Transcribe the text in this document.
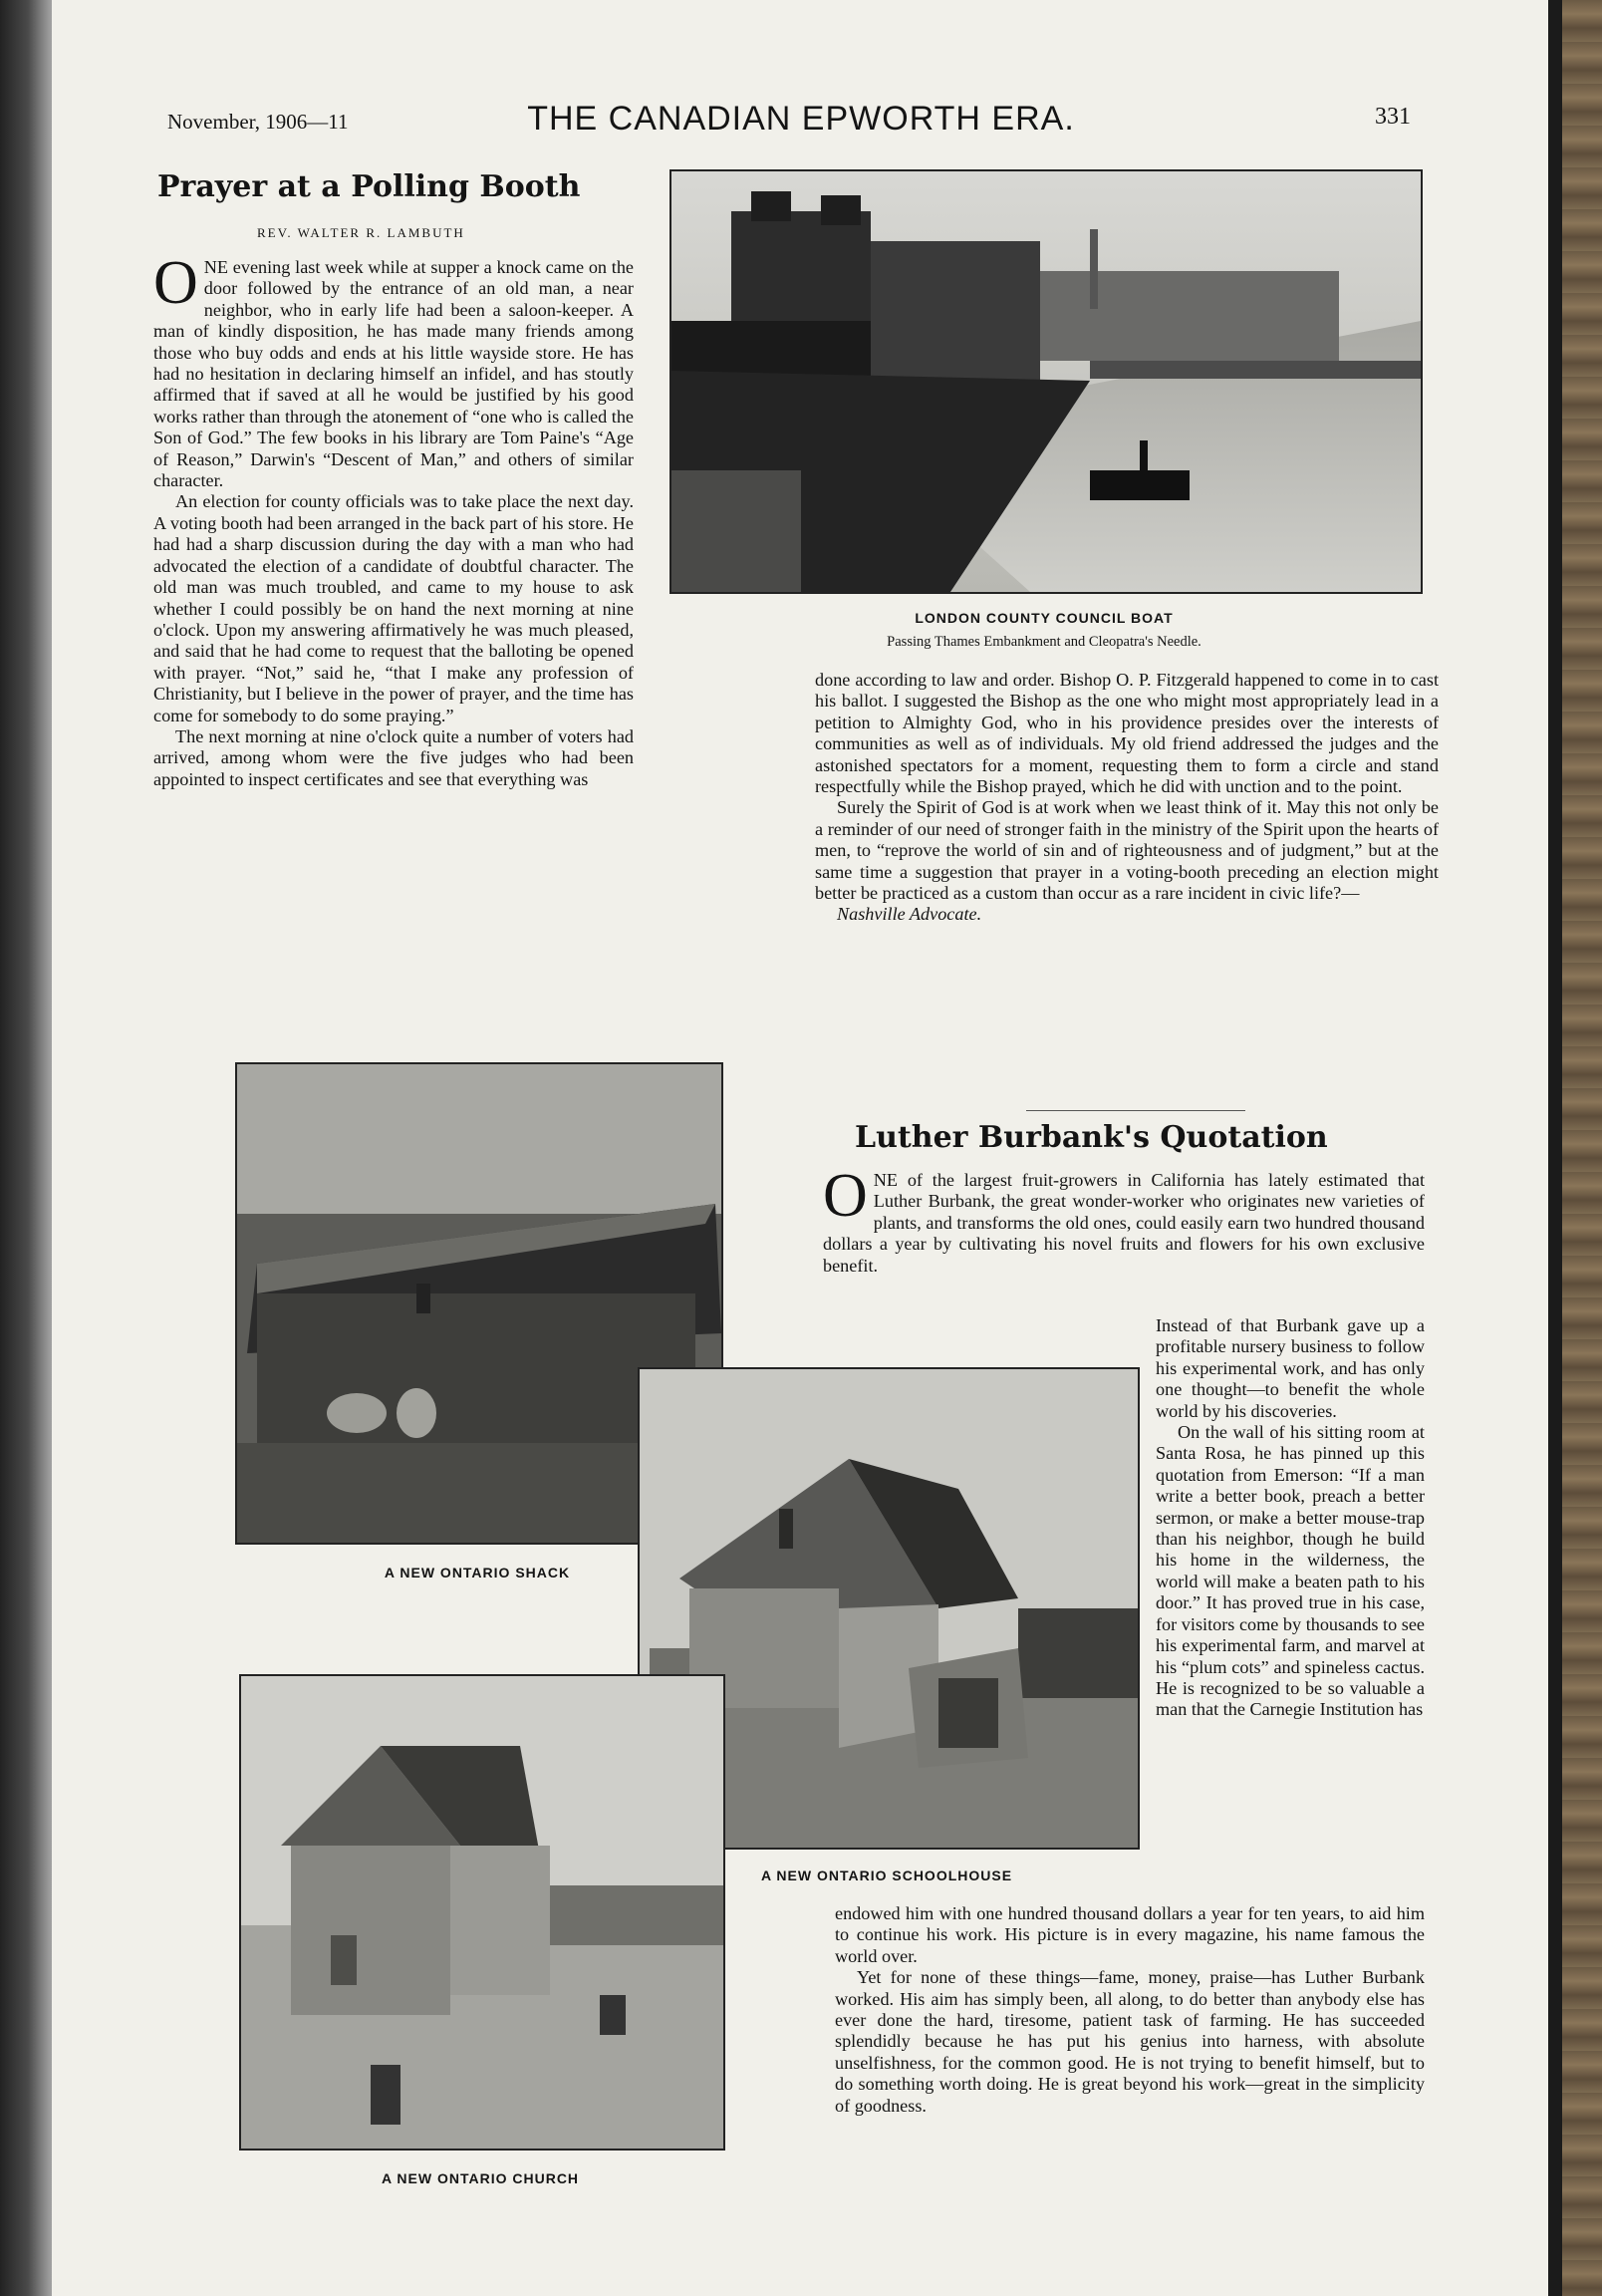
November, 1906—11	THE CANADIAN EPWORTH ERA.	331
Prayer at a Polling Booth
REV. WALTER R. LAMBUTH

ONE evening last week while at supper a knock came on the door followed by the entrance of an old man, a near neighbor, who in early life had been a saloon-keeper. A man of kindly disposition, he has made many friends among those who buy odds and ends at his little wayside store. He has had no hesitation in declaring himself an infidel, and has stoutly affirmed that if saved at all he would be justified by his good works rather than through the atonement of “one who is called the Son of God.” The few books in his library are Tom Paine's “Age of Reason,” Darwin's “Descent of Man,” and others of similar character.

An election for county officials was to take place the next day. A voting booth had been arranged in the back part of his store. He had had a sharp discussion during the day with a man who had advocated the election of a candidate of doubtful character. The old man was much troubled, and came to my house to ask whether I could possibly be on hand the next morning at nine o'clock. Upon my answering affirmatively he was much pleased, and said that he had come to request that the balloting be opened with prayer. “Not,” said he, “that I make any profession of Christianity, but I believe in the power of prayer, and the time has come for somebody to do some praying.”

The next morning at nine o'clock quite a number of voters had arrived, among whom were the five judges who had been appointed to inspect certificates and see that everything was

LONDON COUNTY COUNCIL BOAT
Passing Thames Embankment and Cleopatra's Needle.

done according to law and order. Bishop O. P. Fitzgerald happened to come in to cast his ballot. I suggested the Bishop as the one who might most appropriately lead in a petition to Almighty God, who in his providence presides over the interests of communities as well as of individuals. My old friend addressed the judges and the astonished spectators for a moment, requesting them to form a circle and stand respectfully while the Bishop prayed, which he did with unction and to the point.

Surely the Spirit of God is at work when we least think of it. May this not only be a reminder of our need of stronger faith in the ministry of the Spirit upon the hearts of men, to “reprove the world of sin and of righteousness and of judgment,” but at the same time a suggestion that prayer in a voting-booth preceding an election might better be practiced as a custom than occur as a rare incident in civic life?—

Nashville Advocate.

Luther Burbank's Quotation

ONE of the largest fruit-growers in California has lately estimated that Luther Burbank, the great wonder-worker who originates new varieties of plants, and transforms the old ones, could easily earn two hundred thousand dollars a year by cultivating his novel fruits and flowers for his own exclusive benefit.

Instead of that Burbank gave up a profitable nursery business to follow his experimental work, and has only one thought—to benefit the whole world by his discoveries.

On the wall of his sitting room at Santa Rosa, he has pinned up this quotation from Emerson: “If a man write a better book, preach a better sermon, or make a better mouse-trap than his neighbor, though he build his home in the wilderness, the world will make a beaten path to his door.” It has proved true in his case, for visitors come by thousands to see his experimental farm, and marvel at his “plum cots” and spineless cactus. He is recognized to be so valuable a man that the Carnegie Institution has

endowed him with one hundred thousand dollars a year for ten years, to aid him to continue his work. His picture is in every magazine, his name famous the world over.

Yet for none of these things—fame, money, praise—has Luther Burbank worked. His aim has simply been, all along, to do better than anybody else has ever done the hard, tiresome, patient task of farming. He has succeeded splendidly because he has put his genius into harness, with absolute unselfishness, for the common good. He is not trying to benefit himself, but to do something worth doing. He is great beyond his work—great in the simplicity of goodness.

A NEW ONTARIO SHACK
A NEW ONTARIO SCHOOLHOUSE
A NEW ONTARIO CHURCH
